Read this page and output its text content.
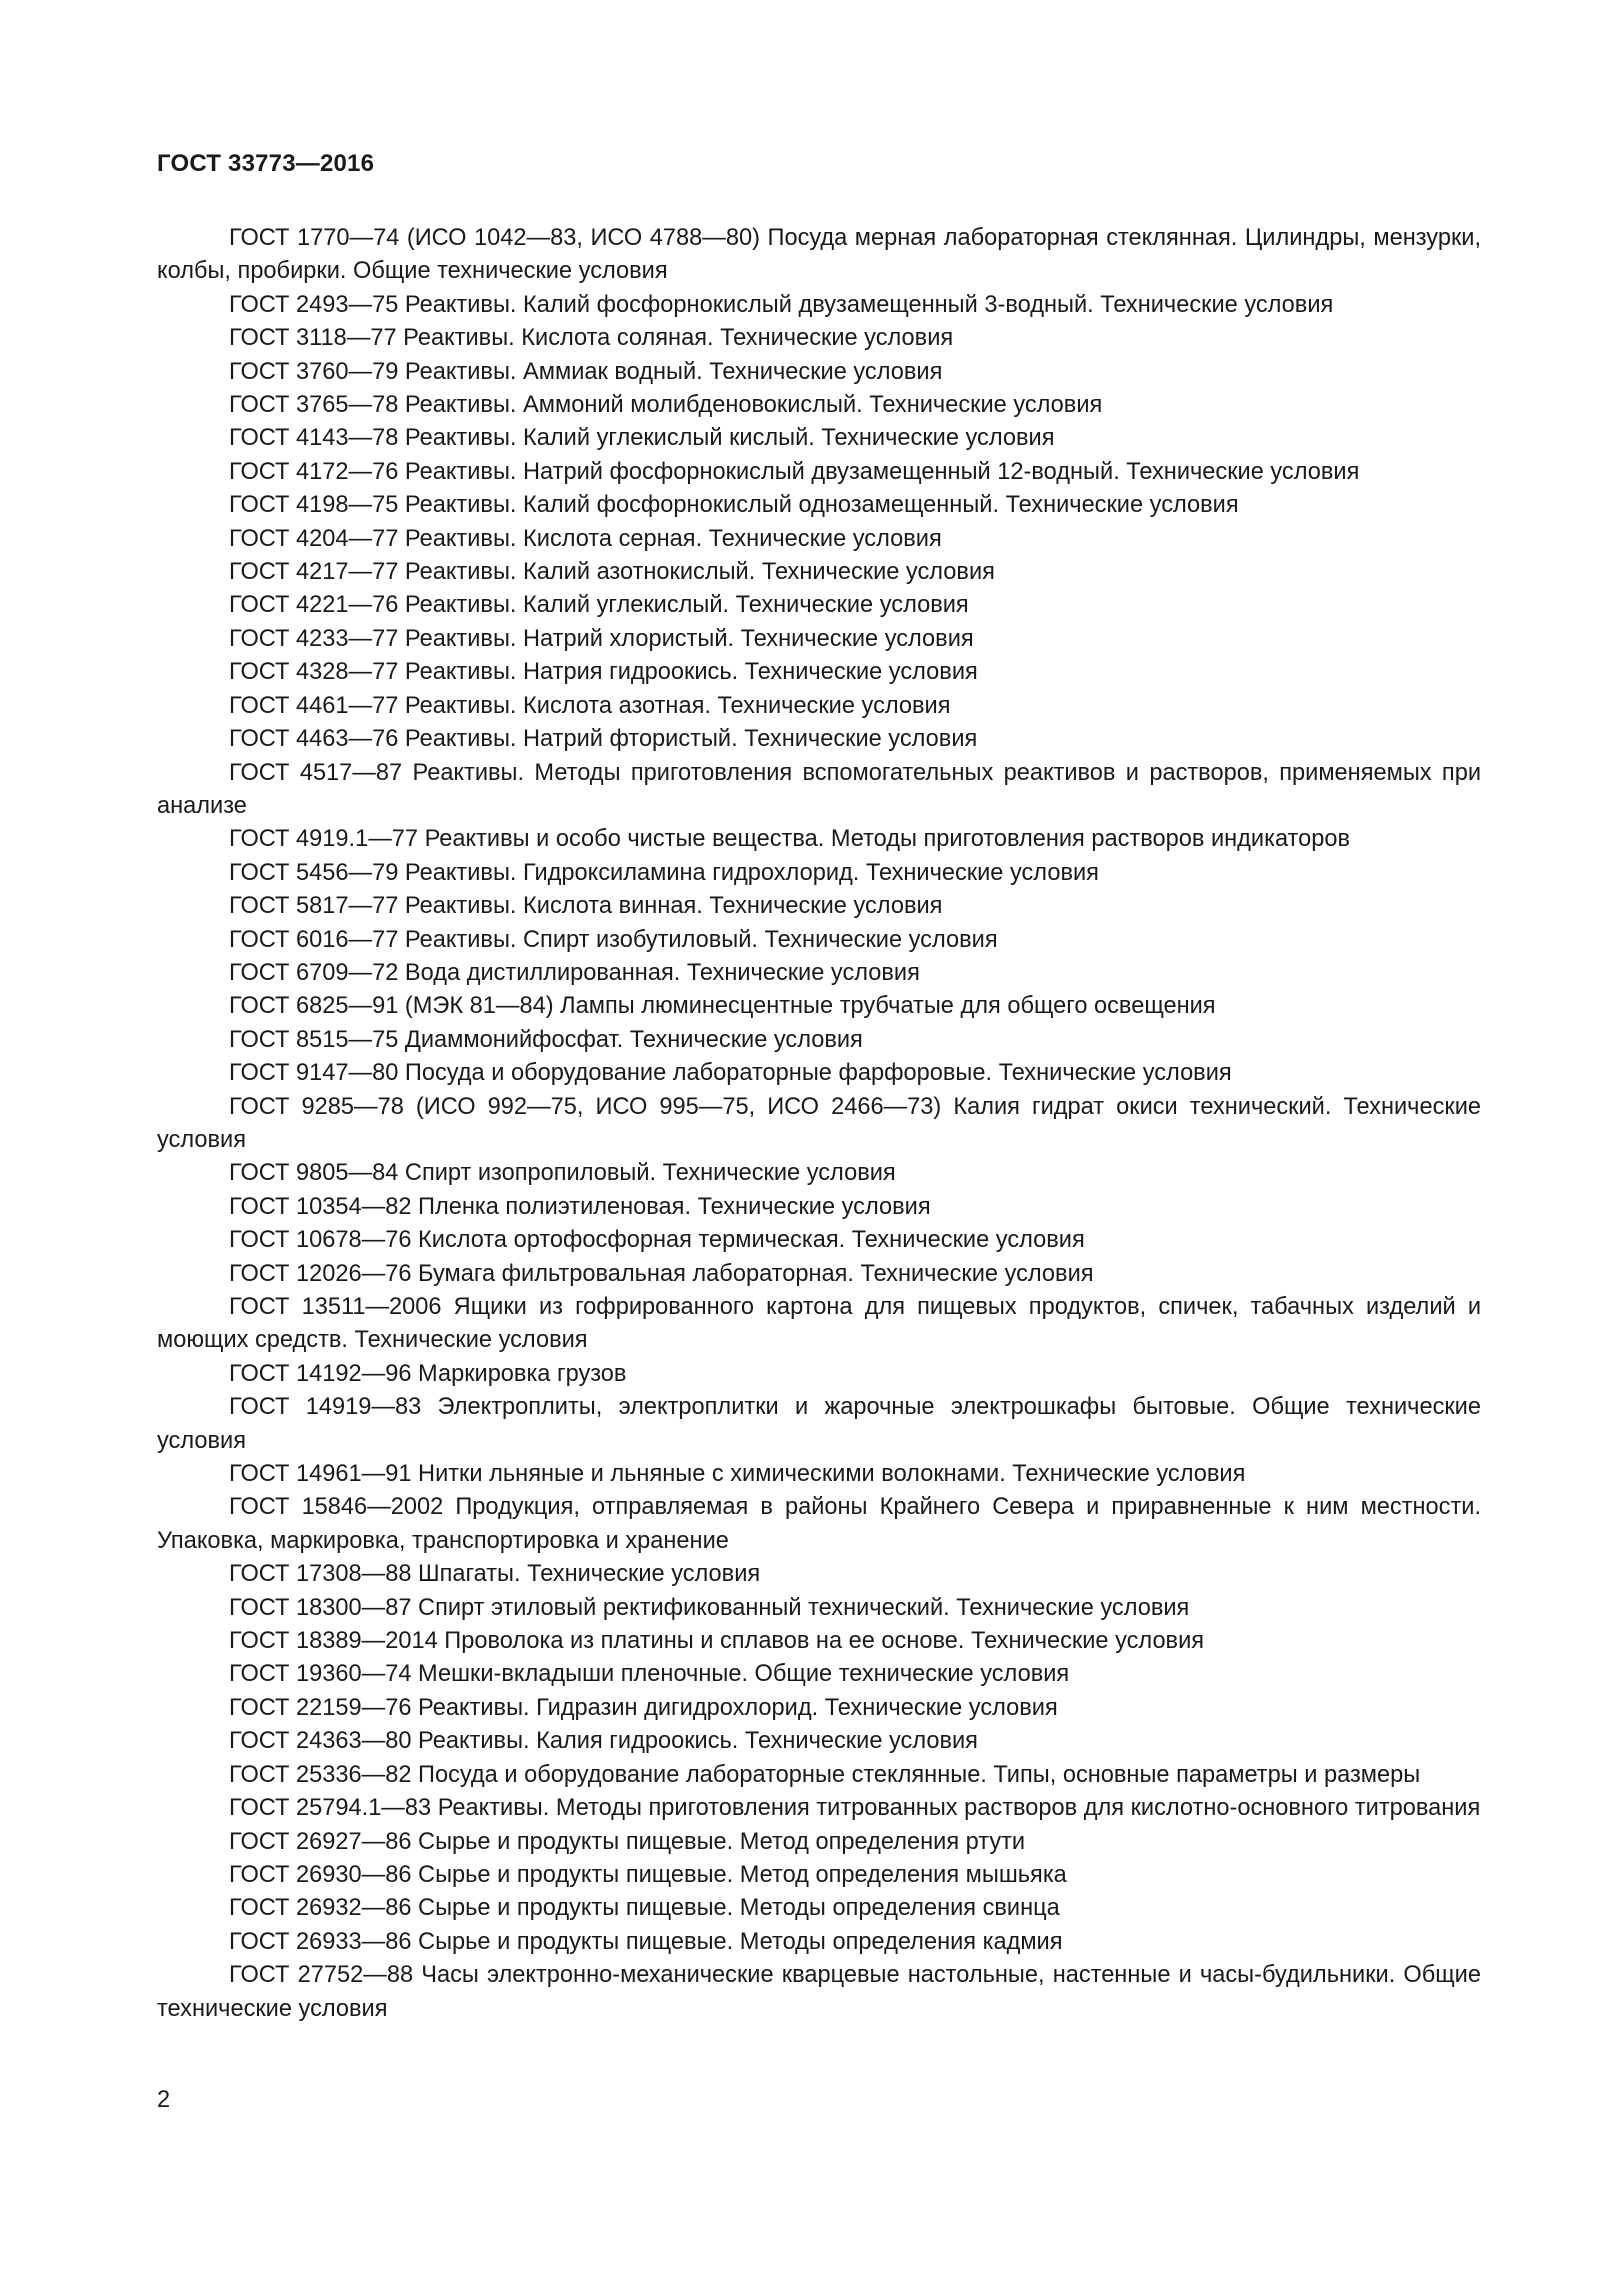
ГОСТ 33773—2016
ГОСТ 1770—74 (ИСО 1042—83, ИСО 4788—80) Посуда мерная лабораторная стеклянная. Цилиндры, мензурки, колбы, пробирки. Общие технические условия
ГОСТ 2493—75 Реактивы. Калий фосфорнокислый двузамещенный 3-водный. Технические условия
ГОСТ 3118—77 Реактивы. Кислота соляная. Технические условия
ГОСТ 3760—79 Реактивы. Аммиак водный. Технические условия
ГОСТ 3765—78 Реактивы. Аммоний молибденовокислый. Технические условия
ГОСТ 4143—78 Реактивы. Калий углекислый кислый. Технические условия
ГОСТ 4172—76 Реактивы. Натрий фосфорнокислый двузамещенный 12-водный. Технические условия
ГОСТ 4198—75 Реактивы. Калий фосфорнокислый однозамещенный. Технические условия
ГОСТ 4204—77 Реактивы. Кислота серная. Технические условия
ГОСТ 4217—77 Реактивы. Калий азотнокислый. Технические условия
ГОСТ 4221—76 Реактивы. Калий углекислый. Технические условия
ГОСТ 4233—77 Реактивы. Натрий хлористый. Технические условия
ГОСТ 4328—77 Реактивы. Натрия гидроокись. Технические условия
ГОСТ 4461—77 Реактивы. Кислота азотная. Технические условия
ГОСТ 4463—76 Реактивы. Натрий фтористый. Технические условия
ГОСТ 4517—87 Реактивы. Методы приготовления вспомогательных реактивов и растворов, применяемых при анализе
ГОСТ 4919.1—77 Реактивы и особо чистые вещества. Методы приготовления растворов индикаторов
ГОСТ 5456—79 Реактивы. Гидроксиламина гидрохлорид. Технические условия
ГОСТ 5817—77 Реактивы. Кислота винная. Технические условия
ГОСТ 6016—77 Реактивы. Спирт изобутиловый. Технические условия
ГОСТ 6709—72 Вода дистиллированная. Технические условия
ГОСТ 6825—91 (МЭК 81—84) Лампы люминесцентные трубчатые для общего освещения
ГОСТ 8515—75 Диаммонийфосфат. Технические условия
ГОСТ 9147—80 Посуда и оборудование лабораторные фарфоровые. Технические условия
ГОСТ 9285—78 (ИСО 992—75, ИСО 995—75, ИСО 2466—73) Калия гидрат окиси технический. Технические условия
ГОСТ 9805—84 Спирт изопропиловый. Технические условия
ГОСТ 10354—82 Пленка полиэтиленовая. Технические условия
ГОСТ 10678—76 Кислота ортофосфорная термическая. Технические условия
ГОСТ 12026—76 Бумага фильтровальная лабораторная. Технические условия
ГОСТ 13511—2006 Ящики из гофрированного картона для пищевых продуктов, спичек, табачных изделий и моющих средств. Технические условия
ГОСТ 14192—96 Маркировка грузов
ГОСТ 14919—83 Электроплиты, электроплитки и жарочные электрошкафы бытовые. Общие технические условия
ГОСТ 14961—91 Нитки льняные и льняные с химическими волокнами. Технические условия
ГОСТ 15846—2002 Продукция, отправляемая в районы Крайнего Севера и приравненные к ним местности. Упаковка, маркировка, транспортировка и хранение
ГОСТ 17308—88 Шпагаты. Технические условия
ГОСТ 18300—87 Спирт этиловый ректификованный технический. Технические условия
ГОСТ 18389—2014 Проволока из платины и сплавов на ее основе. Технические условия
ГОСТ 19360—74 Мешки-вкладыши пленочные. Общие технические условия
ГОСТ 22159—76 Реактивы. Гидразин дигидрохлорид. Технические условия
ГОСТ 24363—80 Реактивы. Калия гидроокись. Технические условия
ГОСТ 25336—82 Посуда и оборудование лабораторные стеклянные. Типы, основные параметры и размеры
ГОСТ 25794.1—83 Реактивы. Методы приготовления титрованных растворов для кислотно-основного титрования
ГОСТ 26927—86 Сырье и продукты пищевые. Метод определения ртути
ГОСТ 26930—86 Сырье и продукты пищевые. Метод определения мышьяка
ГОСТ 26932—86 Сырье и продукты пищевые. Методы определения свинца
ГОСТ 26933—86 Сырье и продукты пищевые. Методы определения кадмия
ГОСТ 27752—88 Часы электронно-механические кварцевые настольные, настенные и часы-будильники. Общие технические условия
2
